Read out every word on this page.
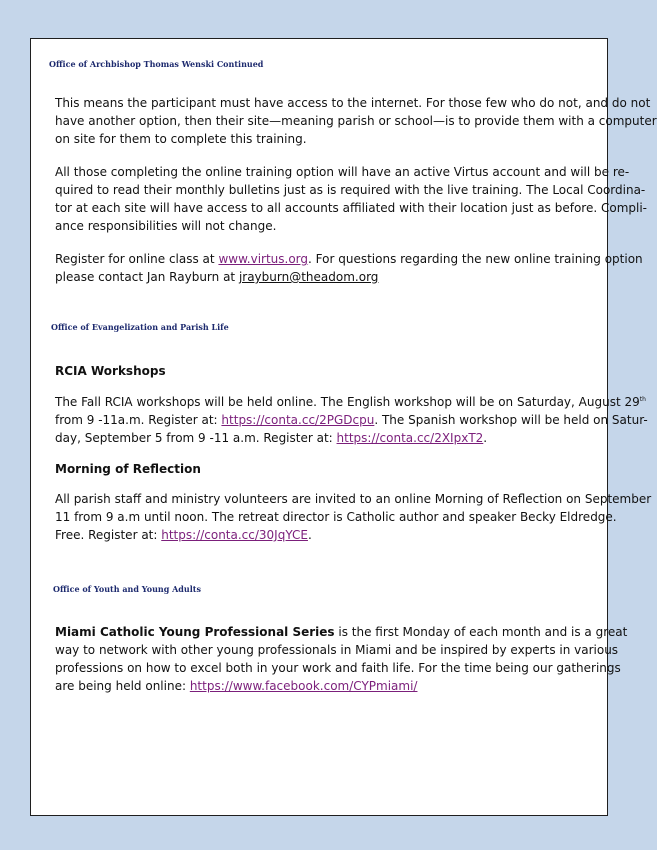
Office of Archbishop Thomas Wenski Continued
This means the participant must have access to the internet. For those few who do not, and do not
have another option, then their site—meaning parish or school—is to provide them with a computer
on site for them to complete this training.
All those completing the online training option will have an active Virtus account and will be re-
quired to read their monthly bulletins just as is required with the live training. The Local Coordina-
tor at each site will have access to all accounts affiliated with their location just as before. Compli-
ance responsibilities will not change.
Register for online class at www.virtus.org. For questions regarding the new online training option
please contact Jan Rayburn at jrayburn@theadom.org
Office of Evangelization and Parish Life
RCIA Workshops
The Fall RCIA workshops will be held online. The English workshop will be on Saturday, August 29th
from 9 -11a.m. Register at: https://conta.cc/2PGDcpu. The Spanish workshop will be held on Satur-
day, September 5 from 9 -11 a.m. Register at: https://conta.cc/2XIpxT2.
Morning of Reflection
All parish staff and ministry volunteers are invited to an online Morning of Reflection on September
11 from 9 a.m until noon. The retreat director is Catholic author and speaker Becky Eldredge.
Free. Register at: https://conta.cc/30JqYCE.
Office of Youth and Young Adults
Miami Catholic Young Professional Series is the first Monday of each month and is a great
way to network with other young professionals in Miami and be inspired by experts in various
professions on how to excel both in your work and faith life. For the time being our gatherings
are being held online: https://www.facebook.com/CYPmiami/
